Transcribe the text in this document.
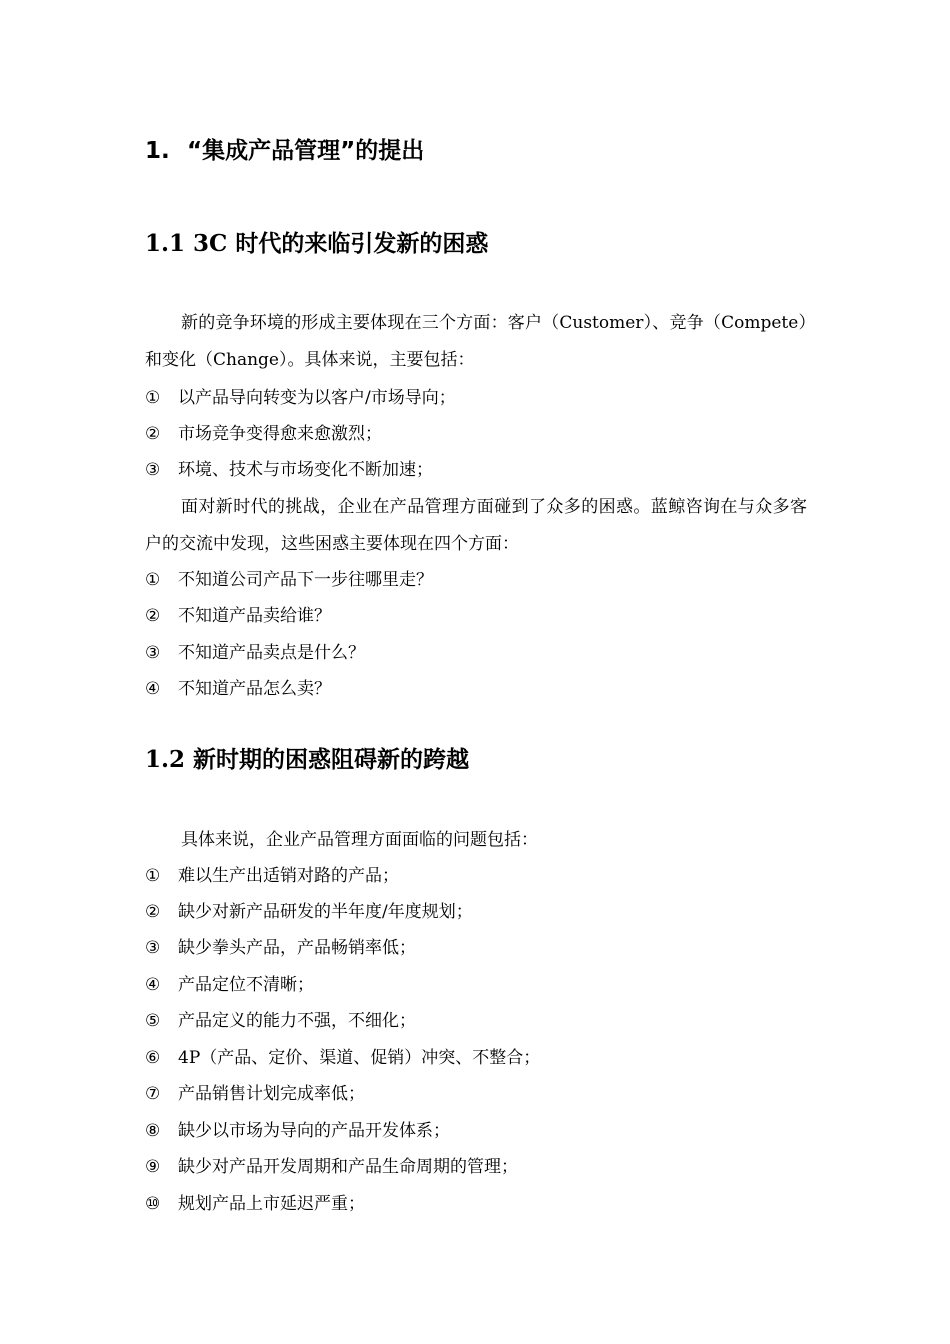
1. “集成产品管理”的提出
1.1 3C 时代的来临引发新的困惑

新的竞争环境的形成主要体现在三个方面：客户（Customer）、竞争（Compete）和变化（Change）。具体来说，主要包括：

① 以产品导向转变为以客户/市场导向；
② 市场竞争变得愈来愈激烈；
③ 环境、技术与市场变化不断加速；

面对新时代的挑战，企业在产品管理方面碰到了众多的困惑。蓝鲸咨询在与众多客户的交流中发现，这些困惑主要体现在四个方面：

① 不知道公司产品下一步往哪里走？
② 不知道产品卖给谁？
③ 不知道产品卖点是什么？
④ 不知道产品怎么卖？
1.2 新时期的困惑阻碍新的跨越

具体来说，企业产品管理方面面临的问题包括：

① 难以生产出适销对路的产品；
② 缺少对新产品研发的半年度/年度规划；
③ 缺少拳头产品，产品畅销率低；
④ 产品定位不清晰；
⑤ 产品定义的能力不强，不细化；
⑥ 4P（产品、定价、渠道、促销）冲突、不整合；
⑦ 产品销售计划完成率低；
⑧ 缺少以市场为导向的产品开发体系；
⑨ 缺少对产品开发周期和产品生命周期的管理；
⑩ 规划产品上市延迟严重；
